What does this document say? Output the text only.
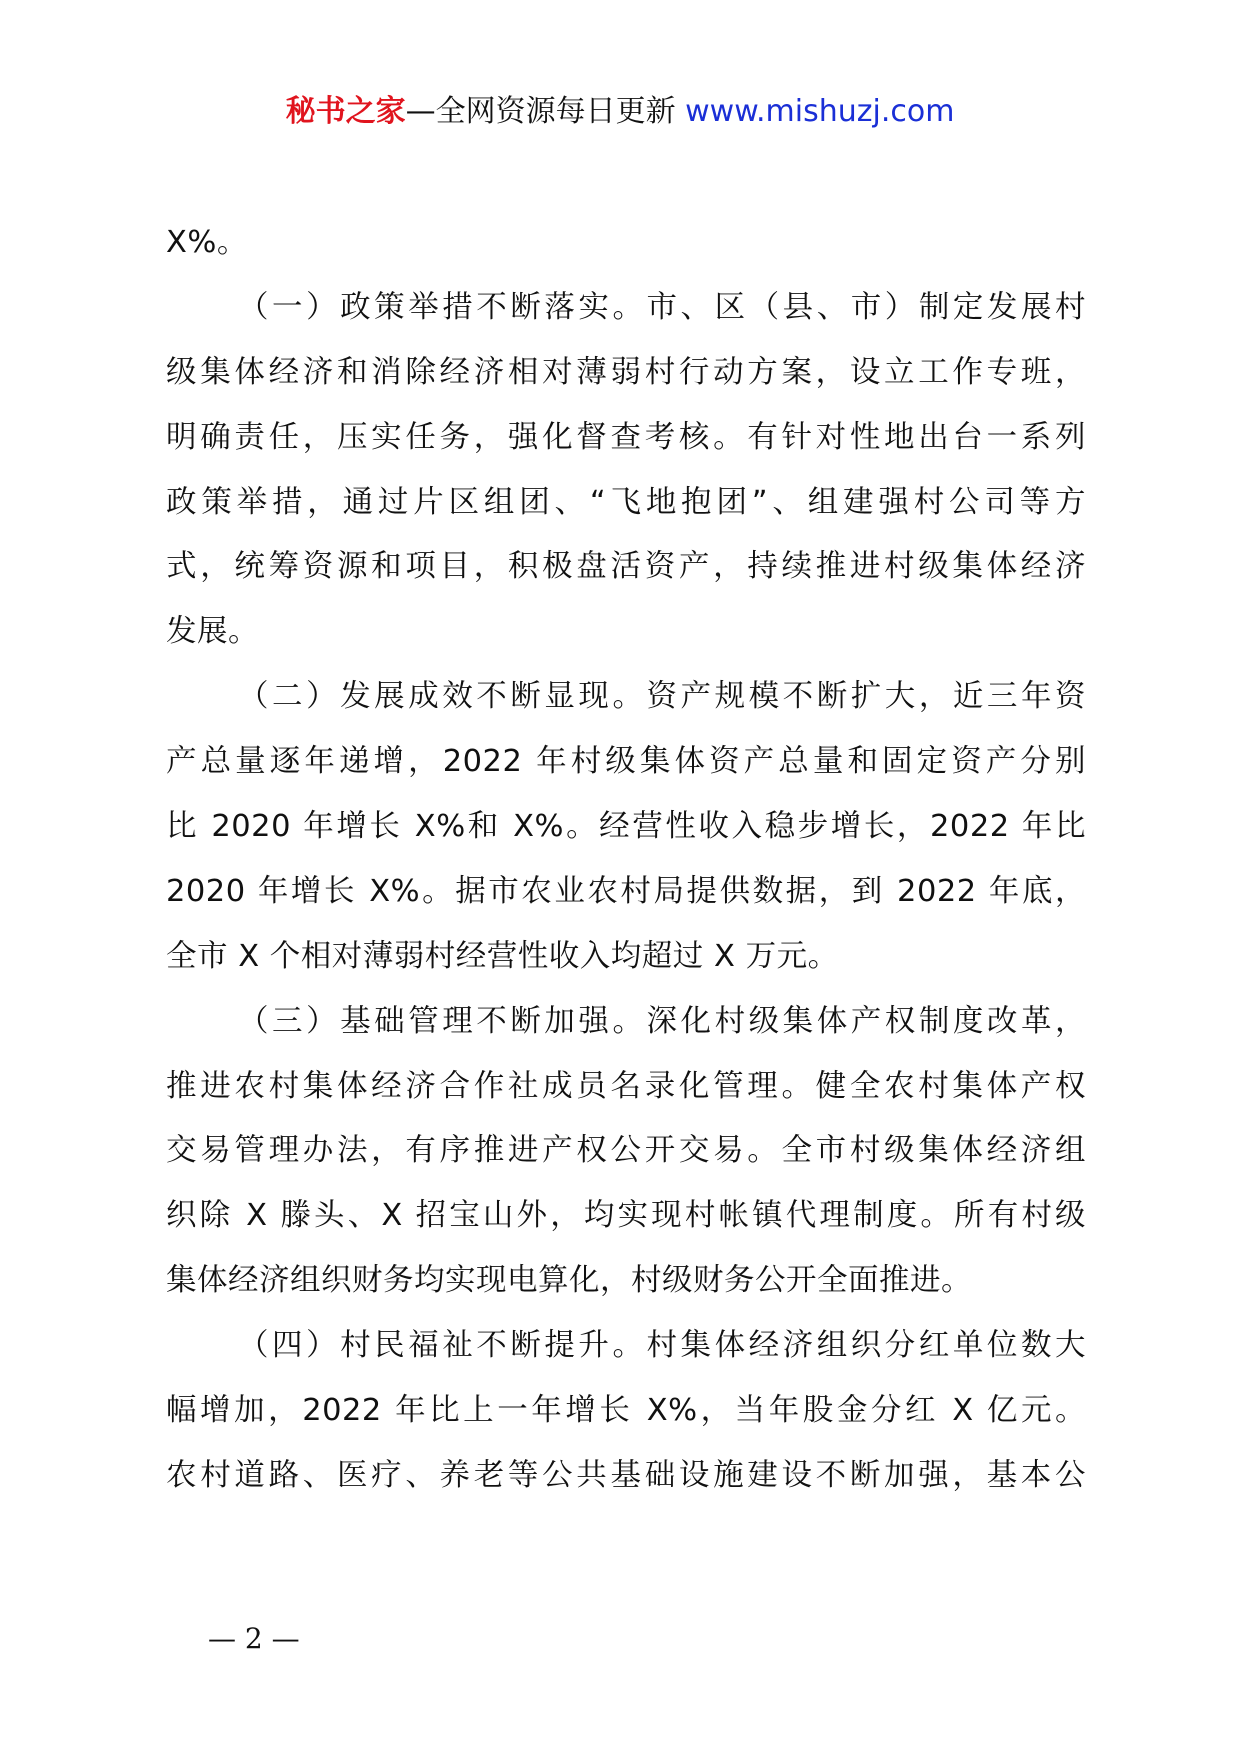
秘书之家—全网资源每日更新 www.mishuzj.com
X%。
（一）政策举措不断落实。市、区（县、市）制定发展村
级集体经济和消除经济相对薄弱村行动方案，设立工作专班，
明确责任，压实任务，强化督查考核。有针对性地出台一系列
政策举措，通过片区组团、“飞地抱团”、组建强村公司等方
式，统筹资源和项目，积极盘活资产，持续推进村级集体经济
发展。
（二）发展成效不断显现。资产规模不断扩大，近三年资
产总量逐年递增，2022 年村级集体资产总量和固定资产分别
比 2020 年增长 X%和 X%。经营性收入稳步增长，2022 年比
2020 年增长 X%。据市农业农村局提供数据，到 2022 年底，
全市 X 个相对薄弱村经营性收入均超过 X 万元。
（三）基础管理不断加强。深化村级集体产权制度改革，
推进农村集体经济合作社成员名录化管理。健全农村集体产权
交易管理办法，有序推进产权公开交易。全市村级集体经济组
织除 X 滕头、X 招宝山外，均实现村帐镇代理制度。所有村级
集体经济组织财务均实现电算化，村级财务公开全面推进。
（四）村民福祉不断提升。村集体经济组织分红单位数大
幅增加，2022 年比上一年增长 X%，当年股金分红 X 亿元。
农村道路、医疗、养老等公共基础设施建设不断加强，基本公
— 2 —
